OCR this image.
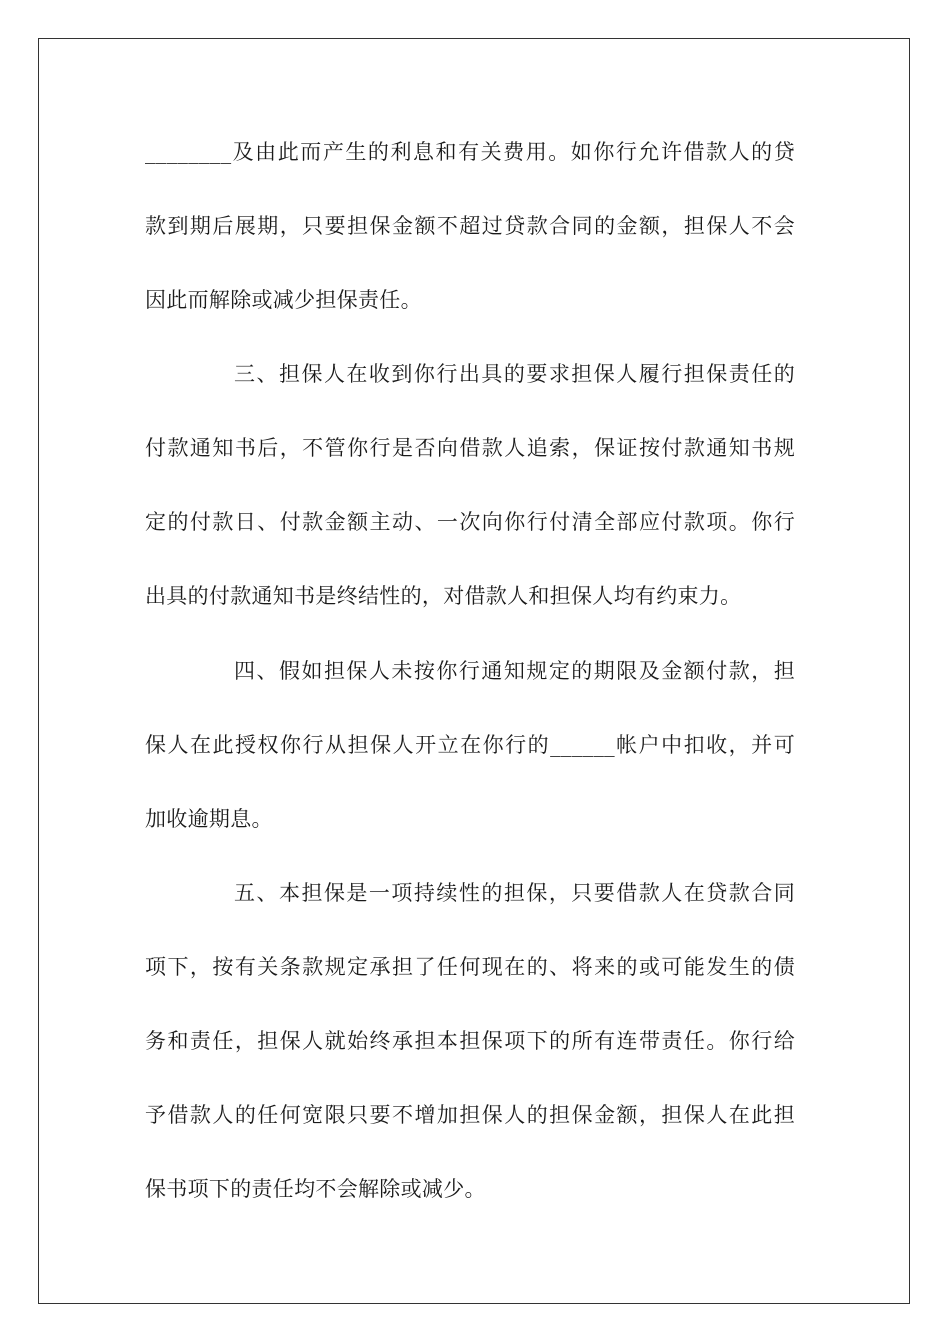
________及由此而产生的利息和有关费用。如你行允许借款人的贷
款到期后展期，只要担保金额不超过贷款合同的金额，担保人不会
因此而解除或减少担保责任。
三、担保人在收到你行出具的要求担保人履行担保责任的
付款通知书后，不管你行是否向借款人追索，保证按付款通知书规
定的付款日、付款金额主动、一次向你行付清全部应付款项。你行
出具的付款通知书是终结性的，对借款人和担保人均有约束力。
四、假如担保人未按你行通知规定的期限及金额付款，担
保人在此授权你行从担保人开立在你行的______帐户中扣收，并可
加收逾期息。
五、本担保是一项持续性的担保，只要借款人在贷款合同
项下，按有关条款规定承担了任何现在的、将来的或可能发生的债
务和责任，担保人就始终承担本担保项下的所有连带责任。你行给
予借款人的任何宽限只要不增加担保人的担保金额，担保人在此担
保书项下的责任均不会解除或减少。
